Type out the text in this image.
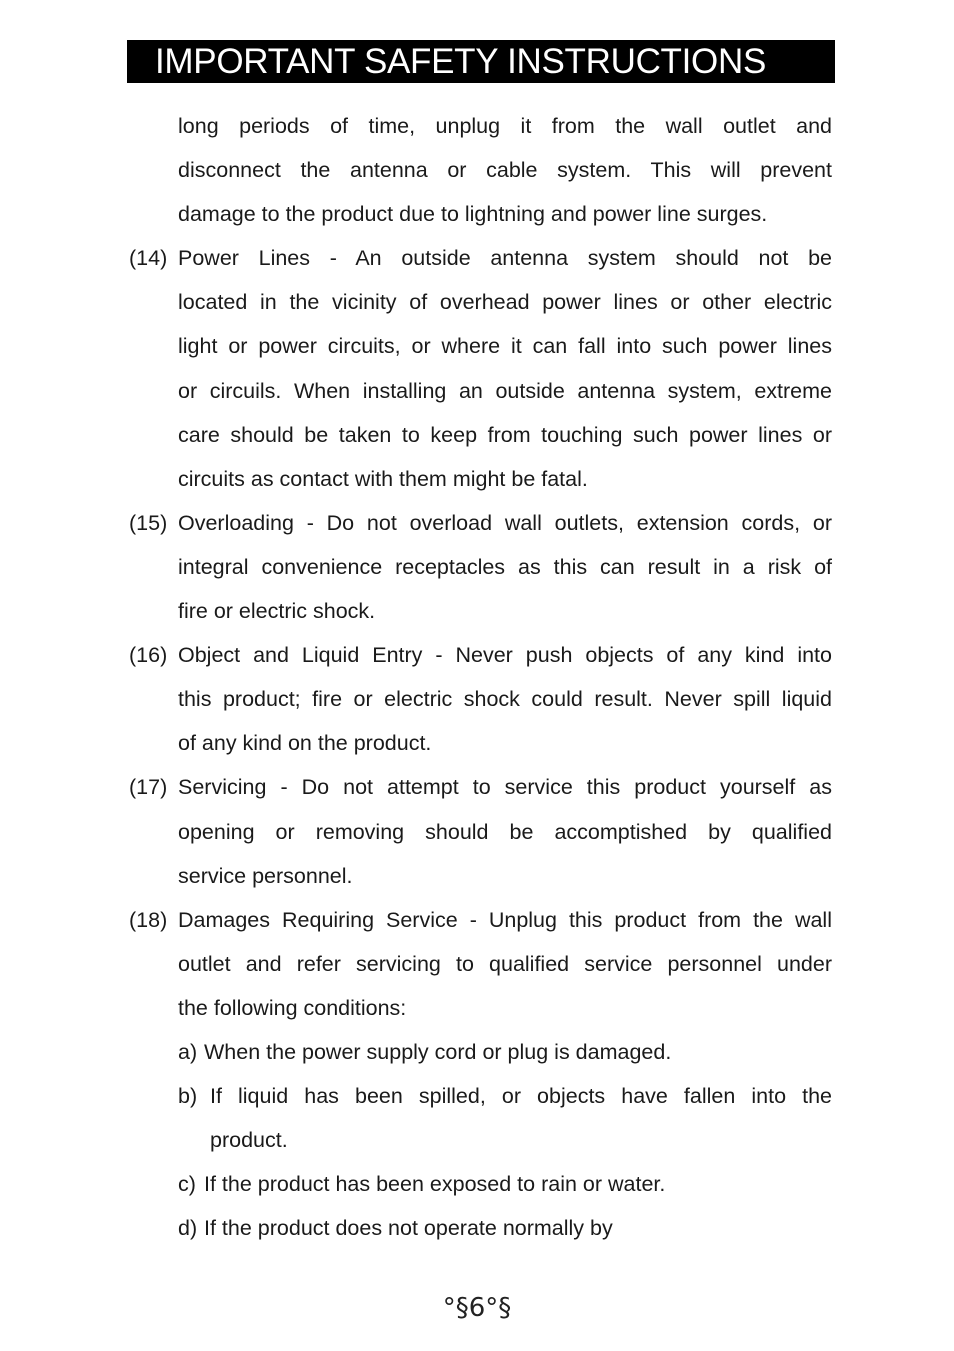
IMPORTANT SAFETY INSTRUCTIONS
long periods of time, unplug it from the wall outlet and
disconnect the antenna or cable system. This will prevent
damage to the product due to lightning and power line surges.
(14) Power Lines - An outside antenna system should not be
located in the vicinity of overhead power lines or other electric
light or power circuits, or where it can fall into such power lines
or circuils. When installing an outside antenna system, extreme
care should be taken to keep from touching such power lines or
circuits as contact with them might be fatal.
(15) Overloading - Do not overload wall outlets, extension cords, or
integral convenience receptacles as this can result in a risk of
fire or electric shock.
(16) Object and Liquid Entry - Never push objects of any kind into
this product; fire or electric shock could result. Never spill liquid
of any kind on the product.
(17) Servicing - Do not attempt to service this product yourself as
opening or removing should be accomptished by qualified
service personnel.
(18) Damages Requiring Service - Unplug this product from the wall
outlet and refer servicing to qualified service personnel under
the following conditions:
a) When the power supply cord or plug is damaged.
b) If liquid has been spilled, or objects have fallen into the
product.
c) If the product has been exposed to rain or water.
d) If the product does not operate normally by
°§6°§
